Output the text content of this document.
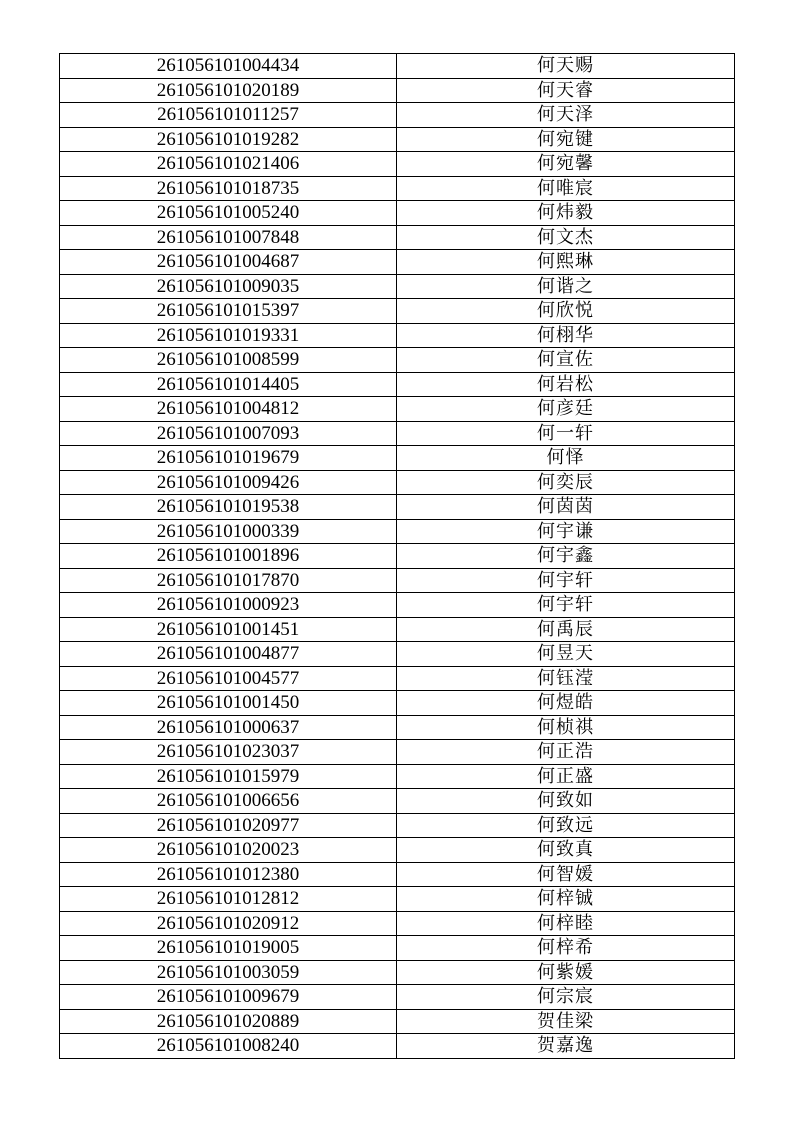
261056101004434	何天赐
261056101020189	何天睿
261056101011257	何天泽
261056101019282	何宛键
261056101021406	何宛馨
261056101018735	何唯宸
261056101005240	何炜毅
261056101007848	何文杰
261056101004687	何熙琳
261056101009035	何谐之
261056101015397	何欣悦
261056101019331	何栩华
261056101008599	何宣佐
261056101014405	何岩松
261056101004812	何彦廷
261056101007093	何一轩
261056101019679	何怿
261056101009426	何奕辰
261056101019538	何茵茵
261056101000339	何宇谦
261056101001896	何宇鑫
261056101017870	何宇轩
261056101000923	何宇轩
261056101001451	何禹辰
261056101004877	何昱天
261056101004577	何钰滢
261056101001450	何煜皓
261056101000637	何桢祺
261056101023037	何正浩
261056101015979	何正盛
261056101006656	何致如
261056101020977	何致远
261056101020023	何致真
261056101012380	何智媛
261056101012812	何梓铖
261056101020912	何梓睦
261056101019005	何梓希
261056101003059	何紫媛
261056101009679	何宗宸
261056101020889	贺佳梁
261056101008240	贺嘉逸
